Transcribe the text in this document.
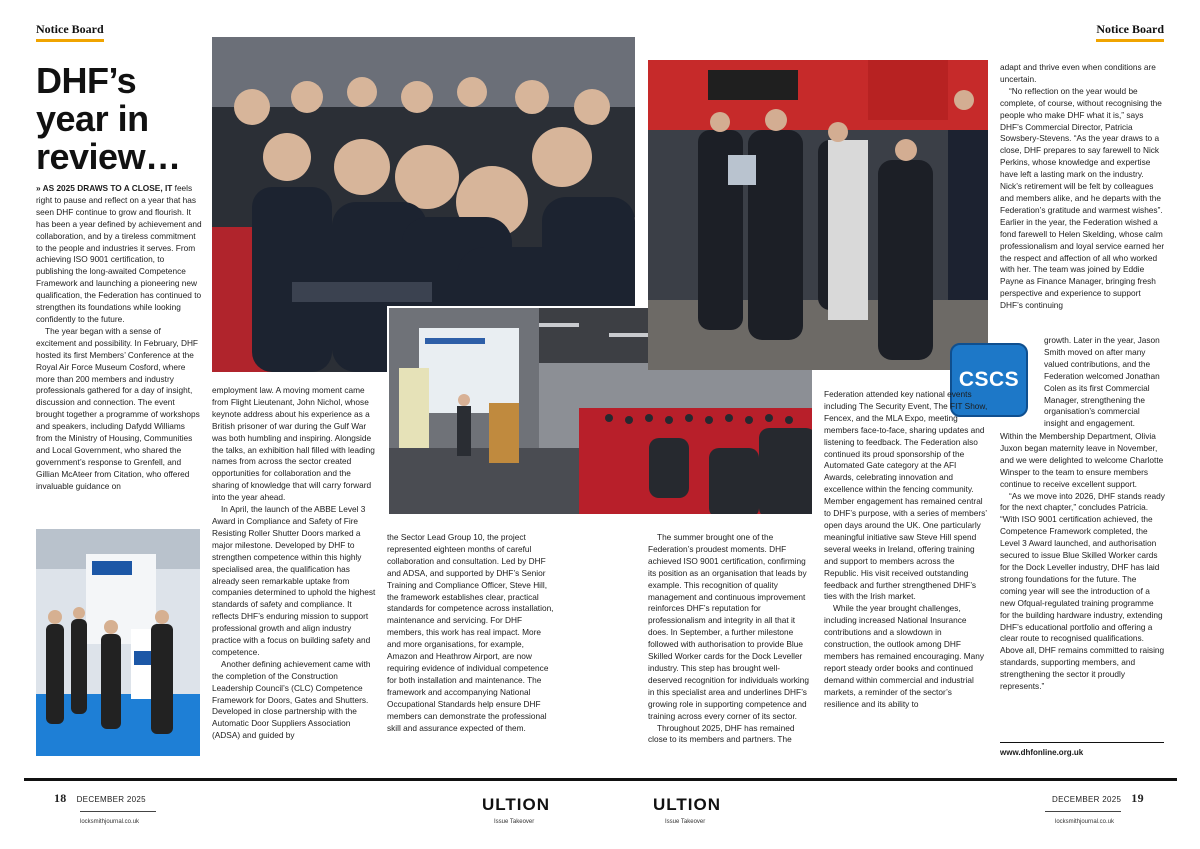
Notice Board
DHF’s year in review…

» AS 2025 DRAWS TO A CLOSE, IT feels right to pause and reflect on a year that has seen DHF continue to grow and flourish. It has been a year defined by achievement and collaboration, and by a tireless commitment to the people and industries it serves. From achieving ISO 9001 certification, to publishing the long-awaited Competence Framework and launching a pioneering new qualification, the Federation has continued to strengthen its foundations while looking confidently to the future.

The year began with a sense of excitement and possibility. In February, DHF hosted its first Members’ Conference at the Royal Air Force Museum Cosford, where more than 200 members and industry professionals gathered for a day of insight, discussion and connection. The event brought together a programme of workshops and speakers, including Dafydd Williams from the Ministry of Housing, Communities and Local Government, who shared the government’s response to Grenfell, and Gillian McAteer from Citation, who offered invaluable guidance on

employment law. A moving moment came from Flight Lieutenant, John Nichol, whose keynote address about his experience as a British prisoner of war during the Gulf War was both humbling and inspiring. Alongside the talks, an exhibition hall filled with leading names from across the sector created opportunities for collaboration and the sharing of knowledge that will carry forward into the year ahead.

In April, the launch of the ABBE Level 3 Award in Compliance and Safety of Fire Resisting Roller Shutter Doors marked a major milestone. Developed by DHF to strengthen competence within this highly specialised area, the qualification has already seen remarkable uptake from companies determined to uphold the highest standards of safety and compliance. It reflects DHF’s enduring mission to support professional growth and align industry practice with a focus on building safety and competence.

Another defining achievement came with the completion of the Construction Leadership Council’s (CLC) Competence Framework for Doors, Gates and Shutters. Developed in close partnership with the Automatic Door Suppliers Association (ADSA) and guided by

the Sector Lead Group 10, the project represented eighteen months of careful collaboration and consultation. Led by DHF and ADSA, and supported by DHF’s Senior Training and Compliance Officer, Steve Hill, the framework establishes clear, practical standards for competence across installation, maintenance and servicing. For DHF members, this work has real impact. More and more organisations, for example, Amazon and Heathrow Airport, are now requiring evidence of individual competence for both installation and maintenance. The framework and accompanying National Occupational Standards help ensure DHF members can demonstrate the professional skill and assurance expected of them.

Notice Board
CSCS

The summer brought one of the Federation’s proudest moments. DHF achieved ISO 9001 certification, confirming its position as an organisation that leads by example. This recognition of quality management and continuous improvement reinforces DHF’s reputation for professionalism and integrity in all that it does. In September, a further milestone followed with authorisation to provide Blue Skilled Worker cards for the Dock Leveller industry. This step has brought well-deserved recognition for individuals working in this specialist area and underlines DHF’s growing role in supporting competence and training across every corner of its sector.

Throughout 2025, DHF has remained close to its members and partners. The

Federation attended key national events including The Security Event, The FIT Show, Fencex, and the MLA Expo, meeting members face-to-face, sharing updates and listening to feedback. The Federation also continued its proud sponsorship of the Automated Gate category at the AFI Awards, celebrating innovation and excellence within the fencing community. Member engagement has remained central to DHF’s purpose, with a series of members’ open days around the UK. One particularly meaningful initiative saw Steve Hill spend several weeks in Ireland, offering training and support to members across the Republic. His visit received outstanding feedback and further strengthened DHF’s ties with the Irish market.

While the year brought challenges, including increased National Insurance contributions and a slowdown in construction, the outlook among DHF members has remained encouraging. Many report steady order books and continued demand within commercial and industrial markets, a reminder of the sector’s resilience and its ability to

adapt and thrive even when conditions are uncertain.

“No reflection on the year would be complete, of course, without recognising the people who make DHF what it is,” says DHF’s Commercial Director, Patricia Sowsbery-Stevens. “As the year draws to a close, DHF prepares to say farewell to Nick Perkins, whose knowledge and expertise have left a lasting mark on the industry. Nick’s retirement will be felt by colleagues and members alike, and he departs with the Federation’s gratitude and warmest wishes”. Earlier in the year, the Federation wished a fond farewell to Helen Skelding, whose calm professionalism and loyal service earned her the respect and affection of all who worked with her. The team was joined by Eddie Payne as Finance Manager, bringing fresh perspective and experience to support DHF’s continuing

growth. Later in the year, Jason Smith moved on after many valued contributions, and the Federation welcomed Jonathan Colen as its first Commercial Manager, strengthening the organisation’s commercial insight and engagement.

Within the Membership Department, Olivia Juxon began maternity leave in November, and we were delighted to welcome Charlotte Winsper to the team to ensure members continue to receive excellent support.

“As we move into 2026, DHF stands ready for the next chapter,” concludes Patricia. “With ISO 9001 certification achieved, the Competence Framework completed, the Level 3 Award launched, and authorisation secured to issue Blue Skilled Worker cards for the Dock Leveller industry, DHF has laid strong foundations for the future. The coming year will see the introduction of a new Ofqual-regulated training programme for the building hardware industry, extending DHF’s educational portfolio and offering a clear route to recognised qualifications. Above all, DHF remains committed to raising standards, supporting members, and strengthening the sector it proudly represents.”

www.dhfonline.org.uk
18 DECEMBER 2025
locksmithjournal.co.uk
ULTION
Issue Takeover
ULTION
Issue Takeover
DECEMBER 2025 19
locksmithjournal.co.uk
